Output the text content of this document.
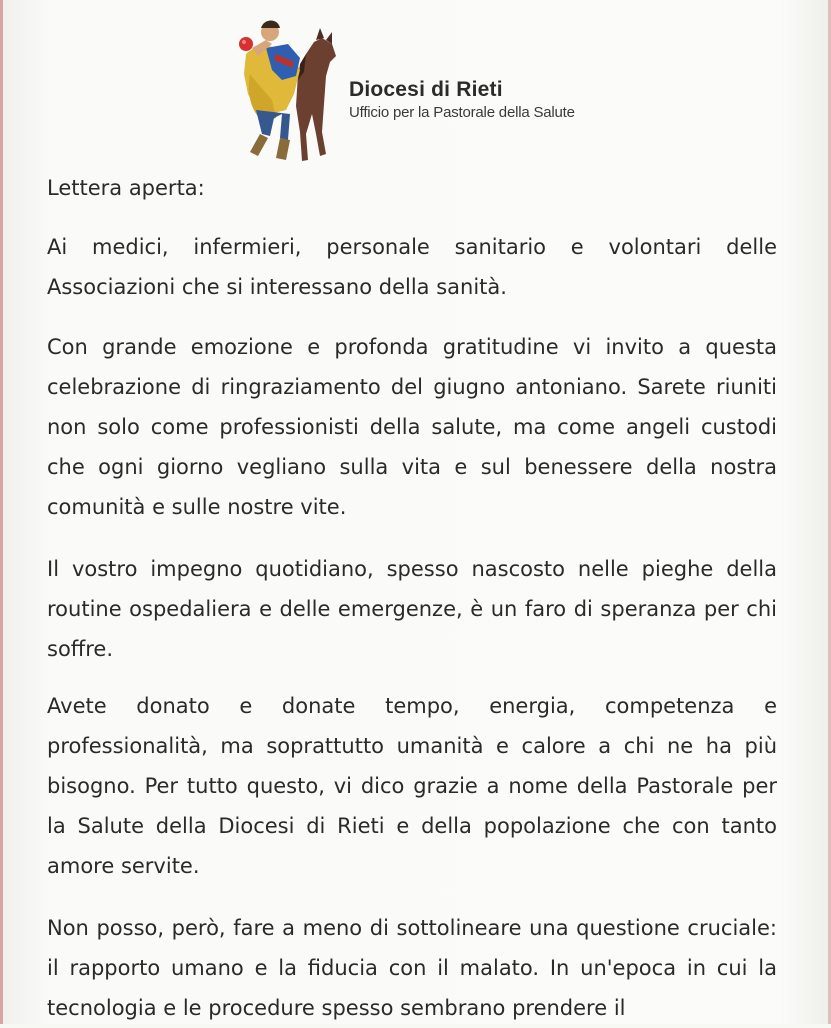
Diocesi di Rieti
Ufficio per la Pastorale della Salute
Lettera aperta:
Ai medici, infermieri, personale sanitario e volontari delle Associazioni che si interessano della sanità.
Con grande emozione e profonda gratitudine vi invito a questa celebrazione di ringraziamento del giugno antoniano. Sarete riuniti non solo come professionisti della salute, ma come angeli custodi che ogni giorno vegliano sulla vita e sul benessere della nostra comunità e sulle nostre vite.
Il vostro impegno quotidiano, spesso nascosto nelle pieghe della routine ospedaliera e delle emergenze, è un faro di speranza per chi soffre.
Avete donato e donate tempo, energia, competenza e professionalità, ma soprattutto umanità e calore a chi ne ha più bisogno. Per tutto questo, vi dico grazie a nome della Pastorale per la Salute della Diocesi di Rieti e della popolazione che con tanto amore servite.
Non posso, però, fare a meno di sottolineare una questione cruciale: il rapporto umano e la fiducia con il malato. In un'epoca in cui la tecnologia e le procedure spesso sembrano prendere il
